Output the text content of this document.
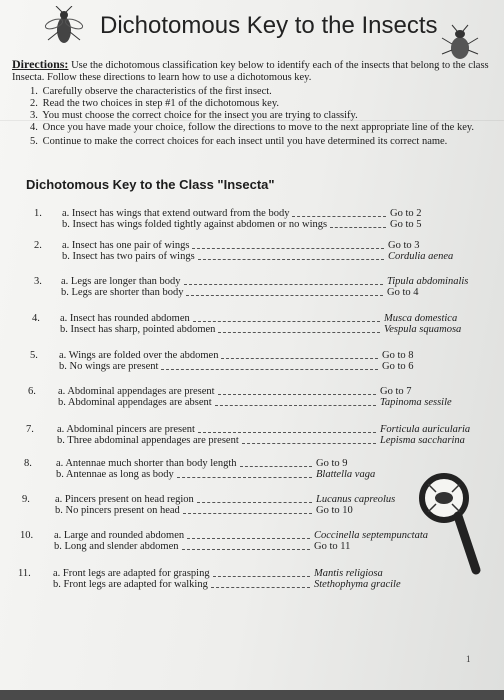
Dichotomous Key to the Insects
Directions: Use the dichotomous classification key below to identify each of the insects that belong to the class Insecta. Follow these directions to learn how to use a dichotomous key.
1. Carefully observe the characteristics of the first insect.
2. Read the two choices in step #1 of the dichotomous key.
3. You must choose the correct choice for the insect you are trying to classify.
4. Once you have made your choice, follow the directions to move to the next appropriate line of the key.
5. Continue to make the correct choices for each insect until you have determined its correct name.
Dichotomous Key to the Class "Insecta"
1. a. Insect has wings that extend outward from the body	Go to 2
b. Insect has wings folded tightly against abdomen or no wings	Go to 5
2. a. Insect has one pair of wings	Go to 3
b. Insect has two pairs of wings	Cordulia aenea
3. a. Legs are longer than body	Tipula abdominalis
b. Legs are shorter than body	Go to 4
4. a. Insect has rounded abdomen	Musca domestica
b. Insect has sharp, pointed abdomen	Vespula squamosa
5. a. Wings are folded over the abdomen	Go to 8
b. No wings are present	Go to 6
6. a. Abdominal appendages are present	Go to 7
b. Abdominal appendages are absent	Tapinoma sessile
7. a. Abdominal pincers are present	Forticula auricularia
b. Three abdominal appendages are present	Lepisma saccharina
8. a. Antennae much shorter than body length	Go to 9
b. Antennae as long as body	Blattella vaga
9. a. Pincers present on head region	Lucanus capreolus
b. No pincers present on head	Go to 10
10. a. Large and rounded abdomen	Coccinella septempunctata
b. Long and slender abdomen	Go to 11
11. a. Front legs are adapted for grasping	Mantis religiosa
b. Front legs are adapted for walking	Stethophyma gracile
1
